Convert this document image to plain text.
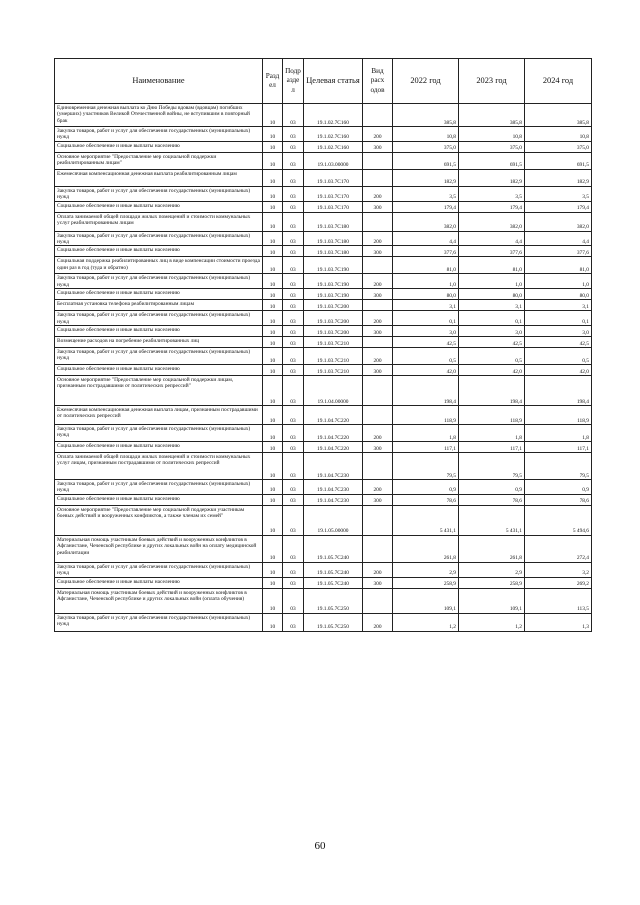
Наименование	Разд ел	Подр азде л	Целевая статья	Вид расх одов	2022 год	2023 год	2024 год
Единовременная денежная выплата ко Дню Победы вдовам (вдовцам) погибших (умерших) участников Великой Отечественной войны, не вступившим в повторный брак	10	03	19.1.02.7С160		385,8	385,8	385,8
Закупка товаров, работ и услуг для обеспечения государственных (муниципальных) нужд	10	03	19.1.02.7С160	200	10,8	10,8	10,8
Социальное обеспечение и иные выплаты населению	10	03	19.1.02.7С160	300	375,0	375,0	375,0
Основное мероприятие "Предоставление мер социальной поддержки реабилитированным лицам"	10	03	19.1.03.00000		691,5	691,5	691,5
Ежемесячная компенсационная денежная выплата реабилитированным лицам	10	03	19.1.03.7С170		182,9	182,9	182,9
Закупка товаров, работ и услуг для обеспечения государственных (муниципальных) нужд	10	03	19.1.03.7С170	200	3,5	3,5	3,5
Социальное обеспечение и иные выплаты населению	10	03	19.1.03.7С170	300	179,4	179,4	179,4
Оплата занимаемой общей площади жилых помещений и стоимости коммунальных услуг реабилитированным лицам	10	03	19.1.03.7С180		382,0	382,0	382,0
Закупка товаров, работ и услуг для обеспечения государственных (муниципальных) нужд	10	03	19.1.03.7С180	200	4,4	4,4	4,4
Социальное обеспечение и иные выплаты населению	10	03	19.1.03.7С180	300	377,6	377,6	377,6
Социальная поддержка реабилитированных лиц в виде компенсации стоимости проезда один раз в год (туда и обратно)	10	03	19.1.03.7С190		81,0	81,0	81,0
Закупка товаров, работ и услуг для обеспечения государственных (муниципальных) нужд	10	03	19.1.03.7С190	200	1,0	1,0	1,0
Социальное обеспечение и иные выплаты населению	10	03	19.1.03.7С190	300	80,0	80,0	80,0
Бесплатная установка телефона реабилитированным лицам	10	03	19.1.03.7С200		3,1	3,1	3,1
Закупка товаров, работ и услуг для обеспечения государственных (муниципальных) нужд	10	03	19.1.03.7С200	200	0,1	0,1	0,1
Социальное обеспечение и иные выплаты населению	10	03	19.1.03.7С200	300	3,0	3,0	3,0
Возмещение расходов на погребение реабилитированных лиц	10	03	19.1.03.7С210		42,5	42,5	42,5
Закупка товаров, работ и услуг для обеспечения государственных (муниципальных) нужд	10	03	19.1.03.7С210	200	0,5	0,5	0,5
Социальное обеспечение и иные выплаты населению	10	03	19.1.03.7С210	300	42,0	42,0	42,0
Основное мероприятие "Предоставление мер социальной поддержки лицам, признанным пострадавшими от политических репрессий"	10	03	19.1.04.00000		198,4	198,4	198,4
Ежемесячная компенсационная денежная выплата лицам, признанным пострадавшими от политических репрессий	10	03	19.1.04.7С220		118,9	118,9	118,9
Закупка товаров, работ и услуг для обеспечения государственных (муниципальных) нужд	10	03	19.1.04.7С220	200	1,8	1,8	1,8
Социальное обеспечение и иные выплаты населению	10	03	19.1.04.7С220	300	117,1	117,1	117,1
Оплата занимаемой общей площади жилых помещений и стоимости коммунальных услуг лицам, признанным пострадавшими от политических репрессий	10	03	19.1.04.7С230		79,5	79,5	79,5
Закупка товаров, работ и услуг для обеспечения государственных (муниципальных) нужд	10	03	19.1.04.7С230	200	0,9	0,9	0,9
Социальное обеспечение и иные выплаты населению	10	03	19.1.04.7С230	300	78,6	78,6	78,6
Основное мероприятие "Предоставление мер социальной поддержки участникам боевых действий и вооруженных конфликтов, а также членам их семей"	10	03	19.1.05.00000		5 431,1	5 431,1	5 494,6
Материальная помощь участникам боевых действий и вооруженных конфликтов в Афганистане, Чеченской республике и других локальных войн на оплату медицинской реабилитации	10	03	19.1.05.7С240		261,8	261,8	272,4
Закупка товаров, работ и услуг для обеспечения государственных (муниципальных) нужд	10	03	19.1.05.7С240	200	2,9	2,9	3,2
Социальное обеспечение и иные выплаты населению	10	03	19.1.05.7С240	300	258,9	258,9	269,2
Материальная помощь участникам боевых действий и вооруженных конфликтов в Афганистане, Чеченской республике и других локальных войн (оплата обучения)	10	03	19.1.05.7С250		109,1	109,1	113,5
Закупка товаров, работ и услуг для обеспечения государственных (муниципальных) нужд	10	03	19.1.05.7С250	200	1,2	1,2	1,3
60
